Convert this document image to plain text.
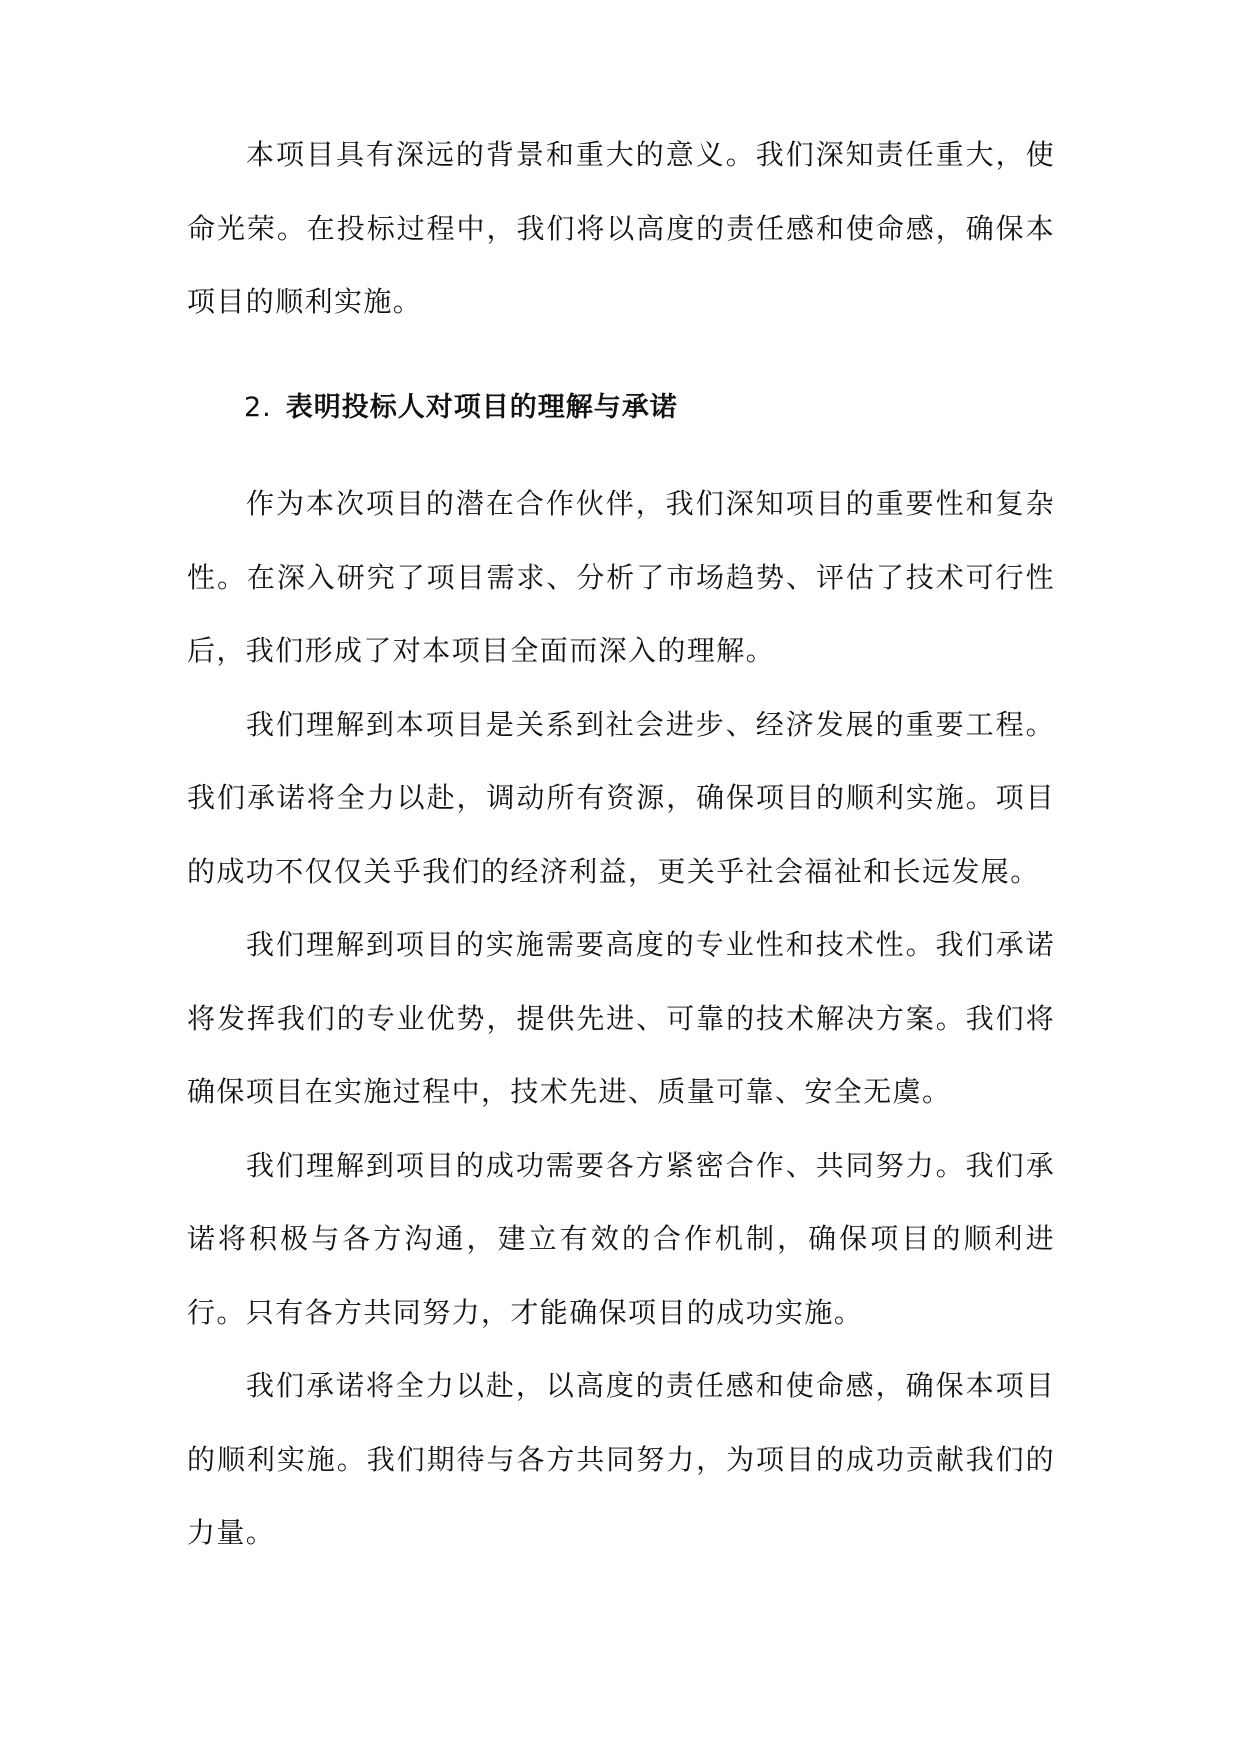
本项目具有深远的背景和重大的意义。我们深知责任重大，使命光荣。在投标过程中，我们将以高度的责任感和使命感，确保本项目的顺利实施。

2. 表明投标人对项目的理解与承诺

作为本次项目的潜在合作伙伴，我们深知项目的重要性和复杂性。在深入研究了项目需求、分析了市场趋势、评估了技术可行性后，我们形成了对本项目全面而深入的理解。

我们理解到本项目是关系到社会进步、经济发展的重要工程。我们承诺将全力以赴，调动所有资源，确保项目的顺利实施。项目的成功不仅仅关乎我们的经济利益，更关乎社会福祉和长远发展。

我们理解到项目的实施需要高度的专业性和技术性。我们承诺将发挥我们的专业优势，提供先进、可靠的技术解决方案。我们将确保项目在实施过程中，技术先进、质量可靠、安全无虞。

我们理解到项目的成功需要各方紧密合作、共同努力。我们承诺将积极与各方沟通，建立有效的合作机制，确保项目的顺利进行。只有各方共同努力，才能确保项目的成功实施。

我们承诺将全力以赴，以高度的责任感和使命感，确保本项目的顺利实施。我们期待与各方共同努力，为项目的成功贡献我们的力量。
